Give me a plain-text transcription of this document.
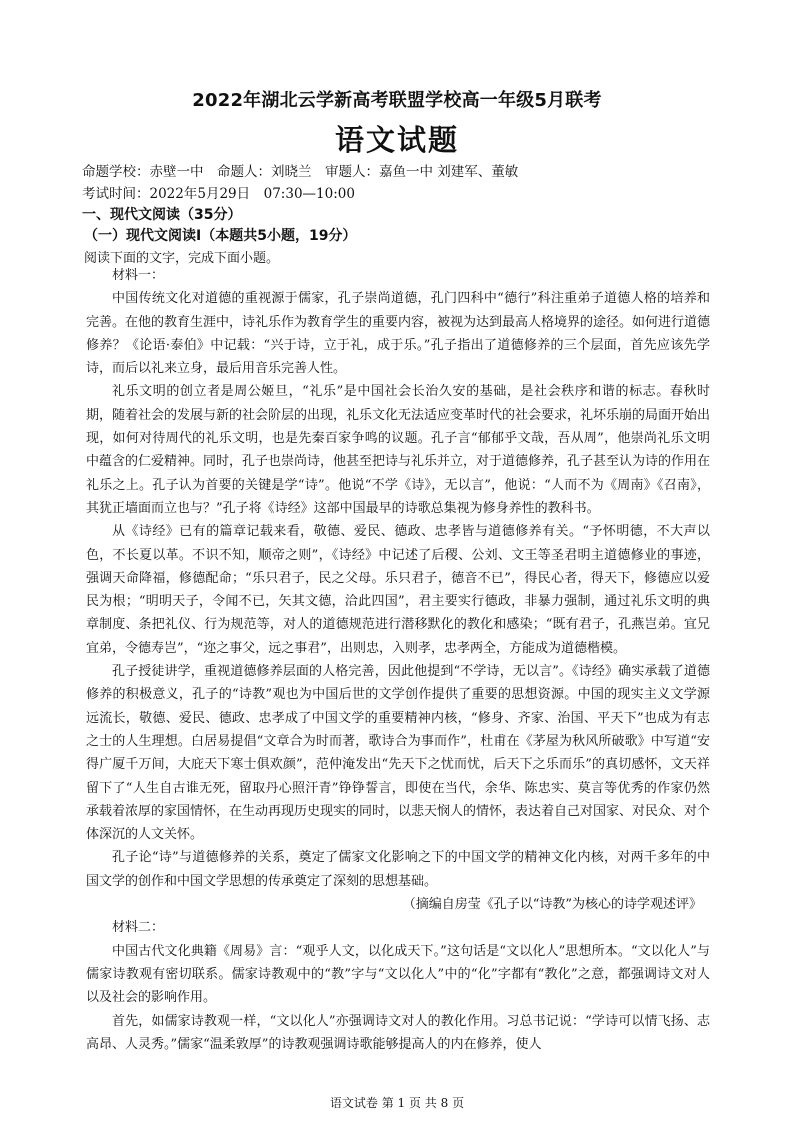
2022年湖北云学新高考联盟学校高一年级5月联考
语文试题
命题学校：赤壁一中　命题人：刘晓兰　审题人：嘉鱼一中 刘建军、董敏
考试时间：2022年5月29日　07:30—10:00
一、现代文阅读（35分）
（一）现代文阅读Ⅰ（本题共5小题，19分）
阅读下面的文字，完成下面小题。

材料一：

中国传统文化对道德的重视源于儒家，孔子崇尚道德，孔门四科中“德行”科注重弟子道德人格的培养和完善。在他的教育生涯中，诗礼乐作为教育学生的重要内容，被视为达到最高人格境界的途径。如何进行道德修养？《论语·泰伯》中记载：“兴于诗，立于礼，成于乐。”孔子指出了道德修养的三个层面，首先应该先学诗，而后以礼来立身，最后用音乐完善人性。

礼乐文明的创立者是周公姬旦，“礼乐”是中国社会长治久安的基础，是社会秩序和谐的标志。春秋时期，随着社会的发展与新的社会阶层的出现，礼乐文化无法适应变革时代的社会要求，礼坏乐崩的局面开始出现，如何对待周代的礼乐文明，也是先秦百家争鸣的议题。孔子言“郁郁乎文哉，吾从周”，他崇尚礼乐文明中蕴含的仁爱精神。同时，孔子也崇尚诗，他甚至把诗与礼乐并立，对于道德修养，孔子甚至认为诗的作用在礼乐之上。孔子认为首要的关键是学“诗”。他说“不学《诗》，无以言”，他说：“人而不为《周南》《召南》，其犹正墙面而立也与？”孔子将《诗经》这部中国最早的诗歌总集视为修身养性的教科书。

从《诗经》已有的篇章记载来看，敬德、爱民、德政、忠孝皆与道德修养有关。“予怀明德，不大声以色，不长夏以革。不识不知，顺帝之则”，《诗经》中记述了后稷、公刘、文王等圣君明主道德修业的事迹，强调天命降福，修德配命；“乐只君子，民之父母。乐只君子，德音不已”，得民心者，得天下，修德应以爱民为根；“明明天子，令闻不已，矢其文德，洽此四国”，君主要实行德政，非暴力强制，通过礼乐文明的典章制度、条把礼仪、行为规范等，对人的道德规范进行潜移默化的教化和感染；“既有君子，孔燕岂弟。宜兄宜弟，令德寿岂”，“迩之事父，远之事君”，出则忠，入则孝，忠孝两全，方能成为道德楷模。

孔子授徒讲学，重视道德修养层面的人格完善，因此他提到“不学诗，无以言”。《诗经》确实承载了道德修养的积极意义，孔子的“诗教”观也为中国后世的文学创作提供了重要的思想资源。中国的现实主义文学源远流长，敬德、爱民、德政、忠孝成了中国文学的重要精神内核，“修身、齐家、治国、平天下”也成为有志之士的人生理想。白居易提倡“文章合为时而著，歌诗合为事而作”，杜甫在《茅屋为秋风所破歌》中写道“安得广厦千万间，大庇天下寒士俱欢颜”，范仲淹发出“先天下之忧而忧，后天下之乐而乐”的真切感怀，文天祥留下了“人生自古谁无死，留取丹心照汗青”铮铮誓言，即使在当代，余华、陈忠实、莫言等优秀的作家仍然承载着浓厚的家国情怀，在生动再现历史现实的同时，以悲天悯人的情怀，表达着自己对国家、对民众、对个体深沉的人文关怀。

孔子论“诗”与道德修养的关系，奠定了儒家文化影响之下的中国文学的精神文化内核，对两千多年的中国文学的创作和中国文学思想的传承奠定了深刻的思想基础。

（摘编自房莹《孔子以“诗教”为核心的诗学观述评》

材料二：

中国古代文化典籍《周易》言：“观乎人文，以化成天下。”这句话是“文以化人”思想所本。“文以化人”与儒家诗教观有密切联系。儒家诗教观中的“教”字与“文以化人”中的“化”字都有“教化”之意，都强调诗文对人以及社会的影响作用。

首先，如儒家诗教观一样，“文以化人”亦强调诗文对人的教化作用。习总书记说：“学诗可以情飞扬、志高昂、人灵秀。”儒家“温柔敦厚”的诗教观强调诗歌能够提高人的内在修养，使人

语文试卷 第 1 页 共 8 页
